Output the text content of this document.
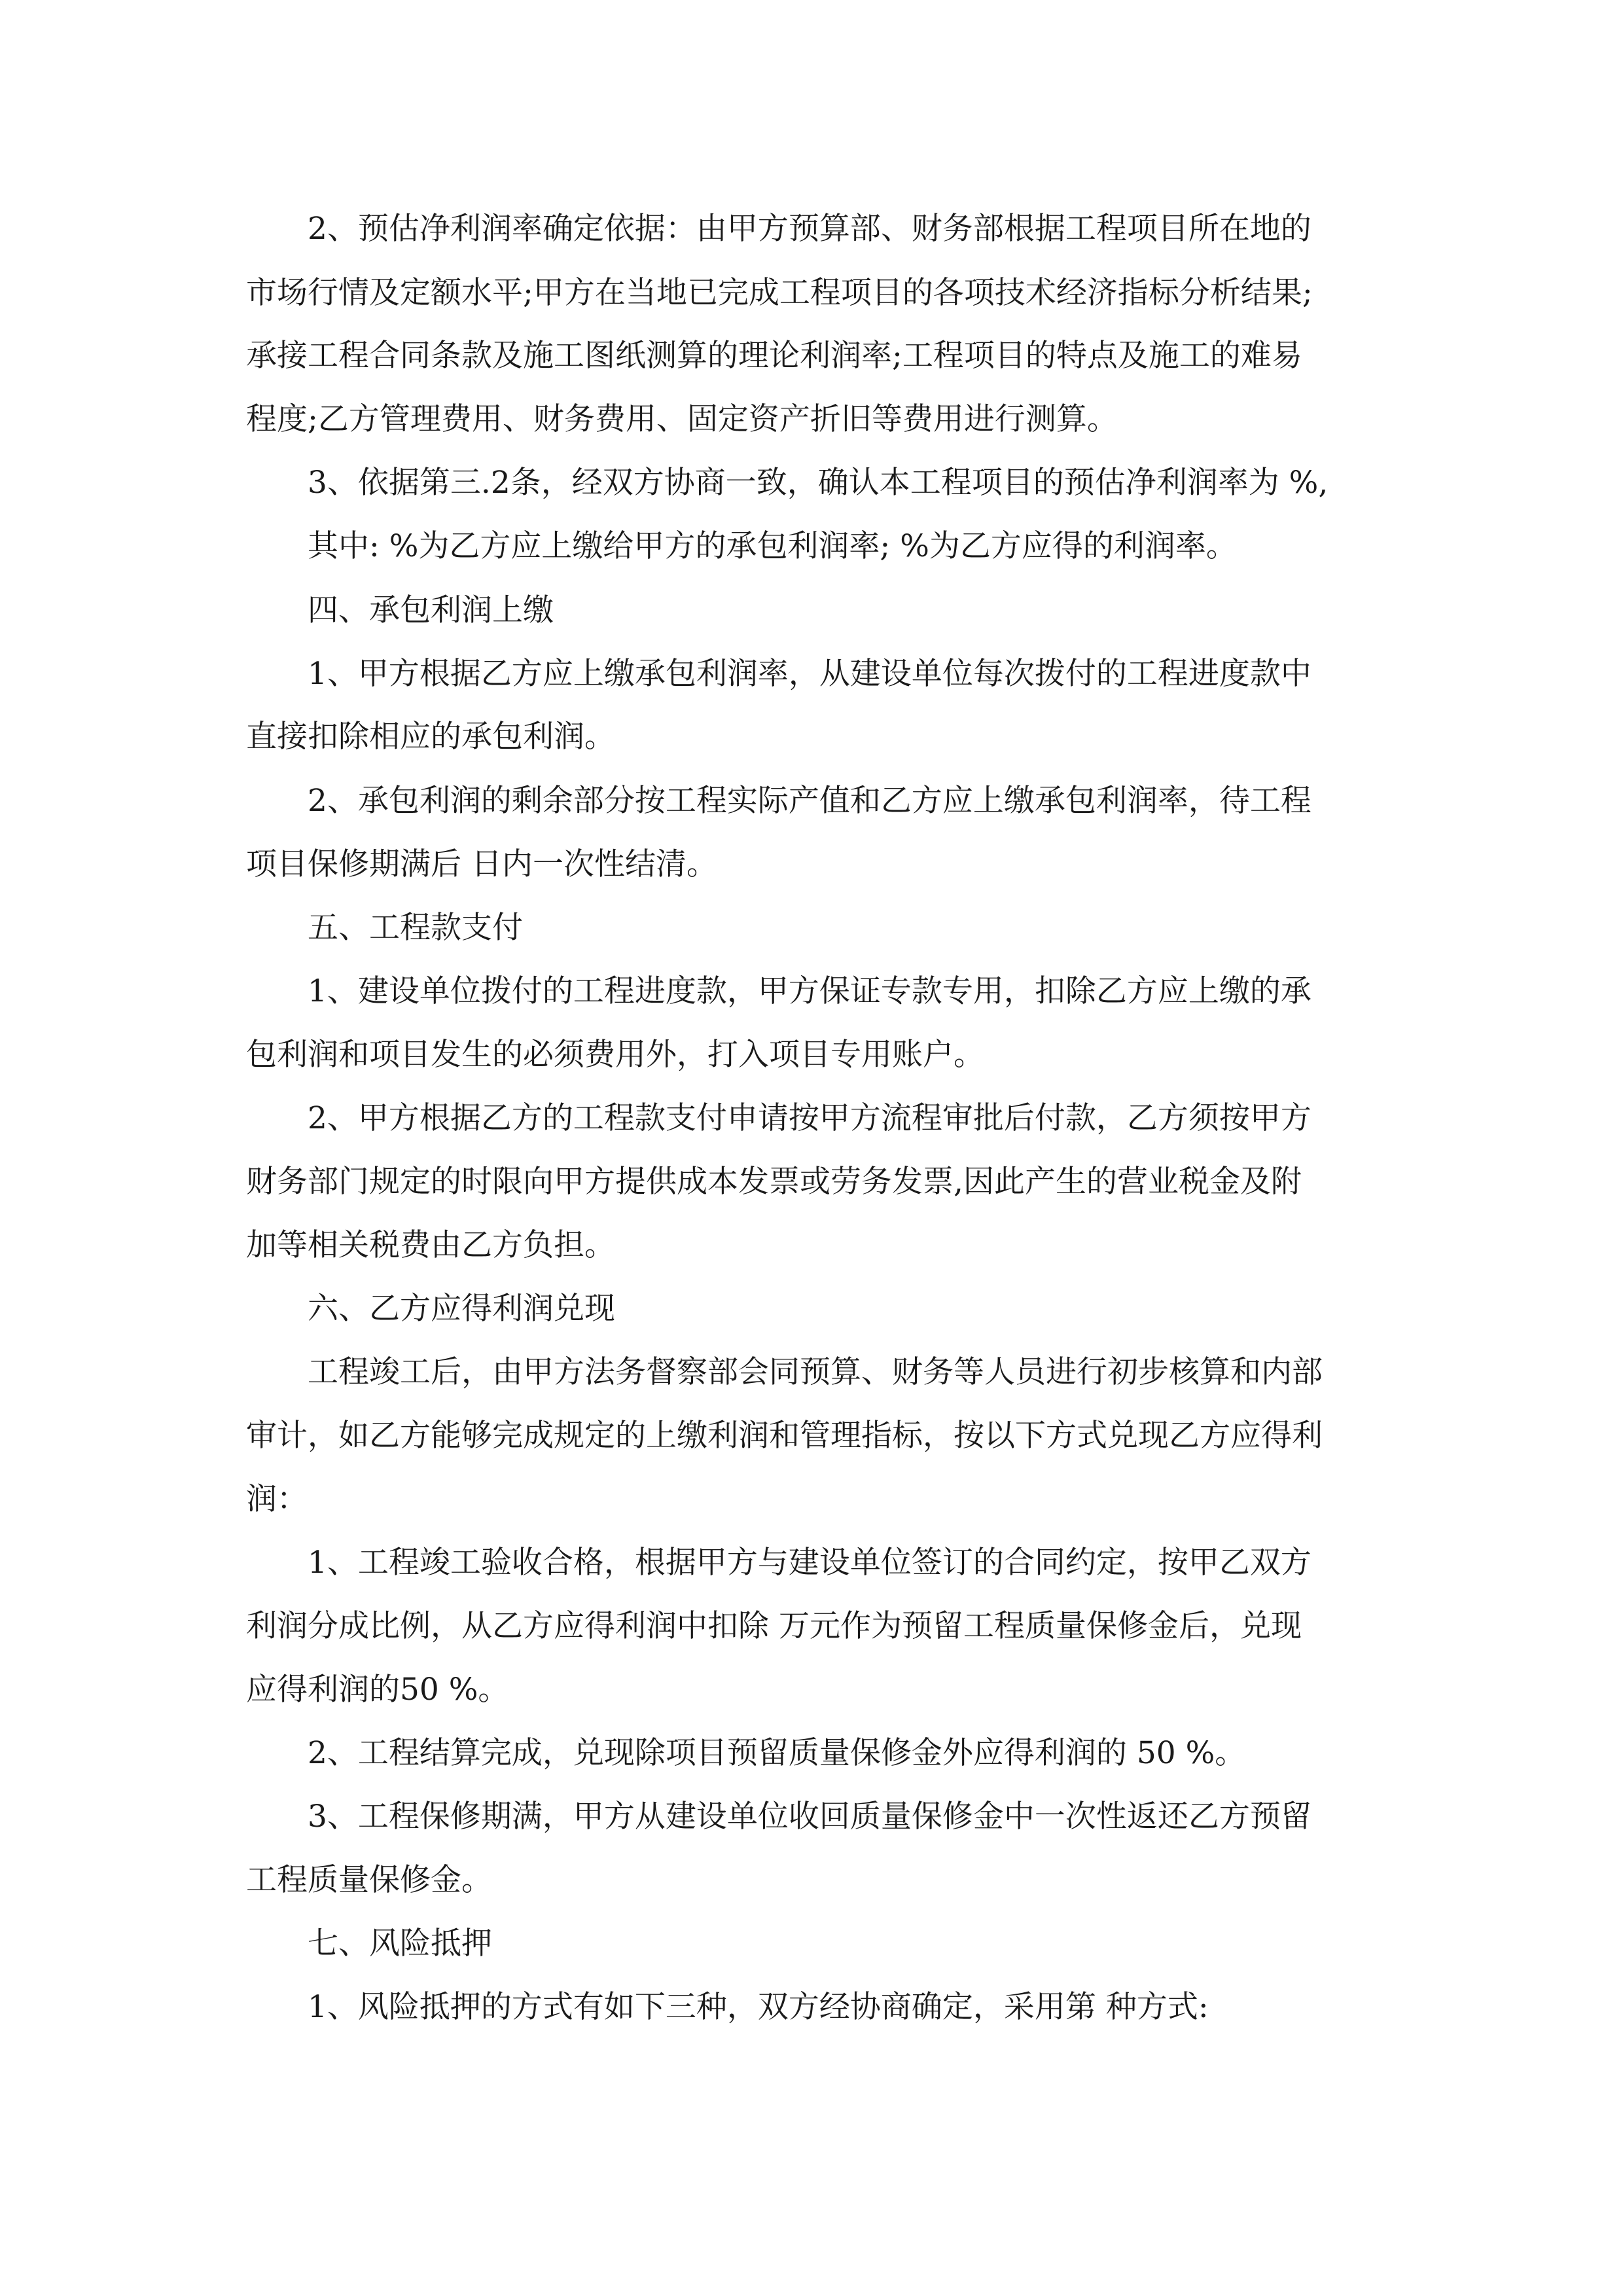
2、预估净利润率确定依据：由甲方预算部、财务部根据工程项目所在地的
市场行情及定额水平;甲方在当地已完成工程项目的各项技术经济指标分析结果;
承接工程合同条款及施工图纸测算的理论利润率;工程项目的特点及施工的难易
程度;乙方管理费用、财务费用、固定资产折旧等费用进行测算。
3、依据第三.2条，经双方协商一致，确认本工程项目的预估净利润率为 %,
其中: %为乙方应上缴给甲方的承包利润率; %为乙方应得的利润率。
四、承包利润上缴
1、甲方根据乙方应上缴承包利润率，从建设单位每次拨付的工程进度款中
直接扣除相应的承包利润。
2、承包利润的剩余部分按工程实际产值和乙方应上缴承包利润率，待工程
项目保修期满后 日内一次性结清。
五、工程款支付
1、建设单位拨付的工程进度款，甲方保证专款专用，扣除乙方应上缴的承
包利润和项目发生的必须费用外，打入项目专用账户。
2、甲方根据乙方的工程款支付申请按甲方流程审批后付款，乙方须按甲方
财务部门规定的时限向甲方提供成本发票或劳务发票,因此产生的营业税金及附
加等相关税费由乙方负担。
六、乙方应得利润兑现
工程竣工后，由甲方法务督察部会同预算、财务等人员进行初步核算和内部
审计，如乙方能够完成规定的上缴利润和管理指标，按以下方式兑现乙方应得利
润：
1、工程竣工验收合格，根据甲方与建设单位签订的合同约定，按甲乙双方
利润分成比例，从乙方应得利润中扣除 万元作为预留工程质量保修金后，兑现
应得利润的50 %。
2、工程结算完成，兑现除项目预留质量保修金外应得利润的 50 %。
3、工程保修期满，甲方从建设单位收回质量保修金中一次性返还乙方预留
工程质量保修金。
七、风险抵押
1、风险抵押的方式有如下三种，双方经协商确定，采用第 种方式:
